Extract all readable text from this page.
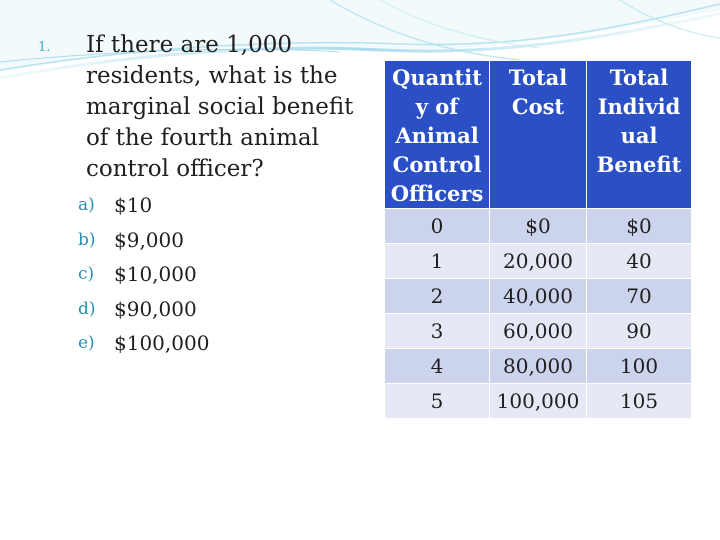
1. If there are 1,000 residents, what is the marginal social benefit of the fourth animal control officer?
a) $10
b) $9,000
c) $10,000
d) $90,000
e) $100,000
Quantit y of Animal Control Officers	Total Cost	Total Individ ual Benefit
0	$0	$0
1	20,000	40
2	40,000	70
3	60,000	90
4	80,000	100
5	100,000	105
